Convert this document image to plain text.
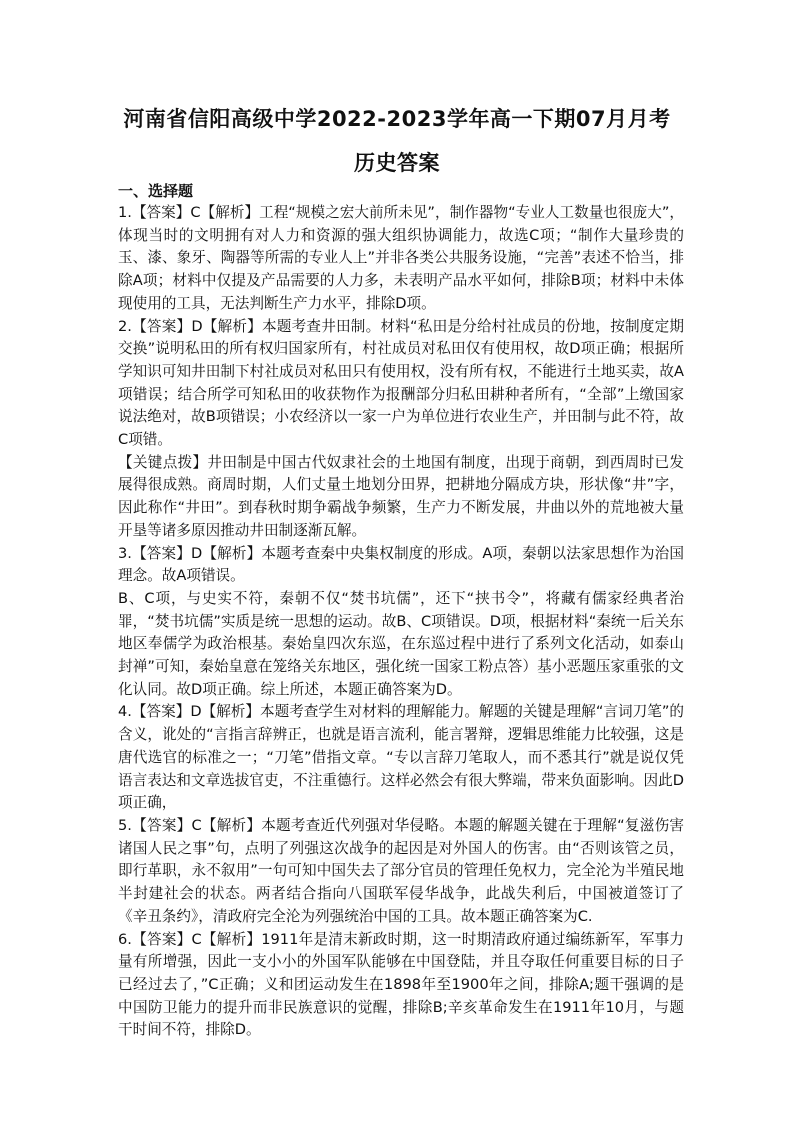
河南省信阳高级中学2022-2023学年高一下期07月月考
历史答案
一、选择题

1.【答案】C【解析】工程“规模之宏大前所未见”，制作器物“专业人工数量也很庞大”，体现当时的文明拥有对人力和资源的强大组织协调能力，故选C项；“制作大量珍贵的玉、漆、象牙、陶器等所需的专业人上”并非各类公共服务设施，“完善”表述不恰当，排除A项；材料中仅提及产品需要的人力多，未表明产品水平如何，排除B项；材料中未体现使用的工具，无法判断生产力水平，排除D项。

2.【答案】D【解析】本题考查井田制。材料“私田是分给村社成员的份地，按制度定期交换”说明私田的所有权归国家所有，村社成员对私田仅有使用权，故D项正确；根据所学知识可知井田制下村社成员对私田只有使用权，没有所有权，不能进行土地买卖，故A项错误；结合所学可知私田的收获物作为报酬部分归私田耕种者所有，“全部”上缴国家说法绝对，故B项错误；小农经济以一家一户为单位进行农业生产，并田制与此不符，故C项错。

【关键点拨】井田制是中国古代奴隶社会的土地国有制度，出现于商朝，到西周时已发展得很成熟。商周时期，人们丈量土地划分田界，把耕地分隔成方块，形状像“井”字，因此称作“井田”。到春秋时期争霸战争频繁，生产力不断发展，井曲以外的荒地被大量开垦等诸多原因推动井田制逐渐瓦解。

3.【答案】D【解析】本题考查秦中央集权制度的形成。A项，秦朝以法家思想作为治国理念。故A项错误。

B、C项，与史实不符，秦朝不仅“焚书坑儒”，还下“挟书令”，将藏有儒家经典者治罪，“焚书坑儒”实质是统一思想的运动。故B、C项错误。D项，根据材料“秦统一后关东地区奉儒学为政治根基。秦始皇四次东巡，在东巡过程中进行了系列文化活动，如泰山封禅”可知，秦始皇意在笼络关东地区，强化统一国家工粉点答）基小恶题压家重张的文化认同。故D项正确。综上所述，本题正确答案为D。

4.【答案】D【解析】本题考查学生对材料的理解能力。解题的关键是理解“言词刀笔”的含义，讹处的“言指言辞辨正，也就是语言流利，能言署辩，逻辑思维能力比较强，这是唐代选官的标准之一；“刀笔”借指文章。“专以言辞刀笔取人，而不悉其行”就是说仅凭语言表达和文章选拔官吏，不注重德行。这样必然会有很大弊端，带来负面影响。因此D项正确，

5.【答案】C【解析】本题考查近代列强对华侵略。本题的解题关键在于理解“复滋伤害诸国人民之事”句，点明了列强这次战争的起因是对外国人的伤害。由“否则该管之员，即行革职，永不叙用”一句可知中国失去了部分官员的管理任免权力，完全沦为半殖民地半封建社会的状态。两者结合指向八国联军侵华战争，此战失利后，中国被道签订了《辛丑条约》，清政府完全沦为列强统治中国的工具。故本题正确答案为C.

6.【答案】C【解析】1911年是清末新政时期，这一时期清政府通过编练新军，军事力量有所增强，因此一支小小的外国军队能够在中国登陆，并且夺取任何重要目标的日子已经过去了，”C正确；义和团运动发生在1898年至1900年之间，排除A;题干强调的是中国防卫能力的提升而非民族意识的觉醒，排除B;辛亥革命发生在1911年10月，与题干时间不符，排除D。
